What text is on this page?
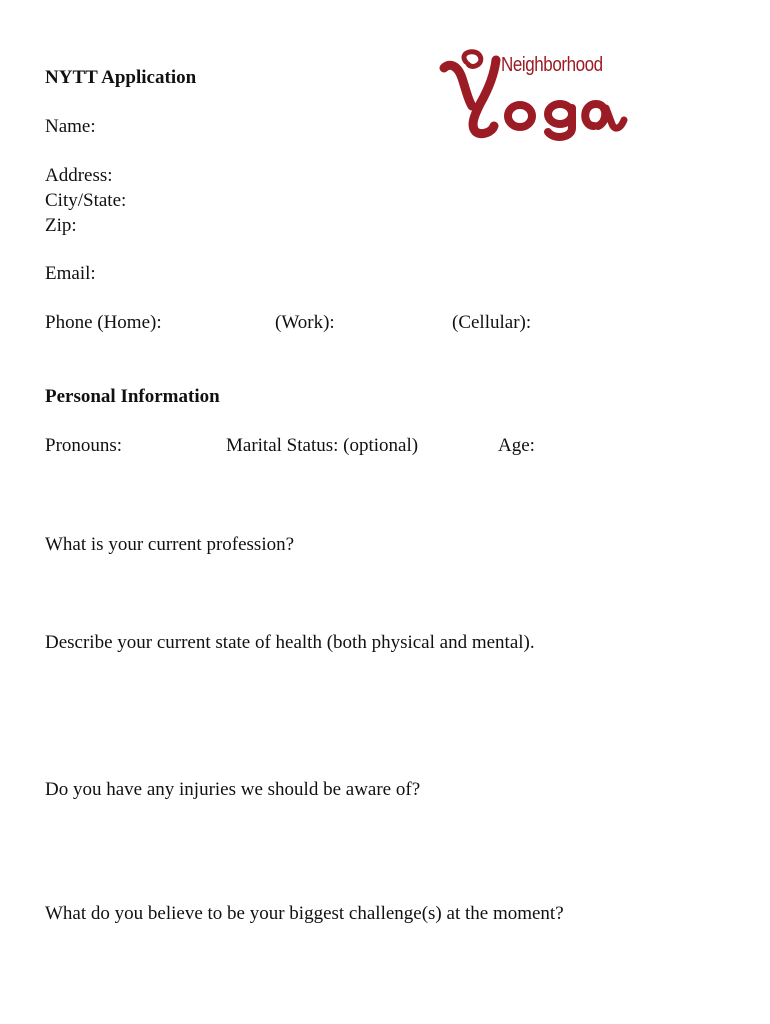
NYTT Application
Neighborhood
Name:
Address:
City/State:
Zip:
Email:
Phone (Home):	(Work):	(Cellular):
Personal Information
Pronouns:	Marital Status: (optional)	Age:
What is your current profession?
Describe your current state of health (both physical and mental).
Do you have any injuries we should be aware of?
What do you believe to be your biggest challenge(s) at the moment?
